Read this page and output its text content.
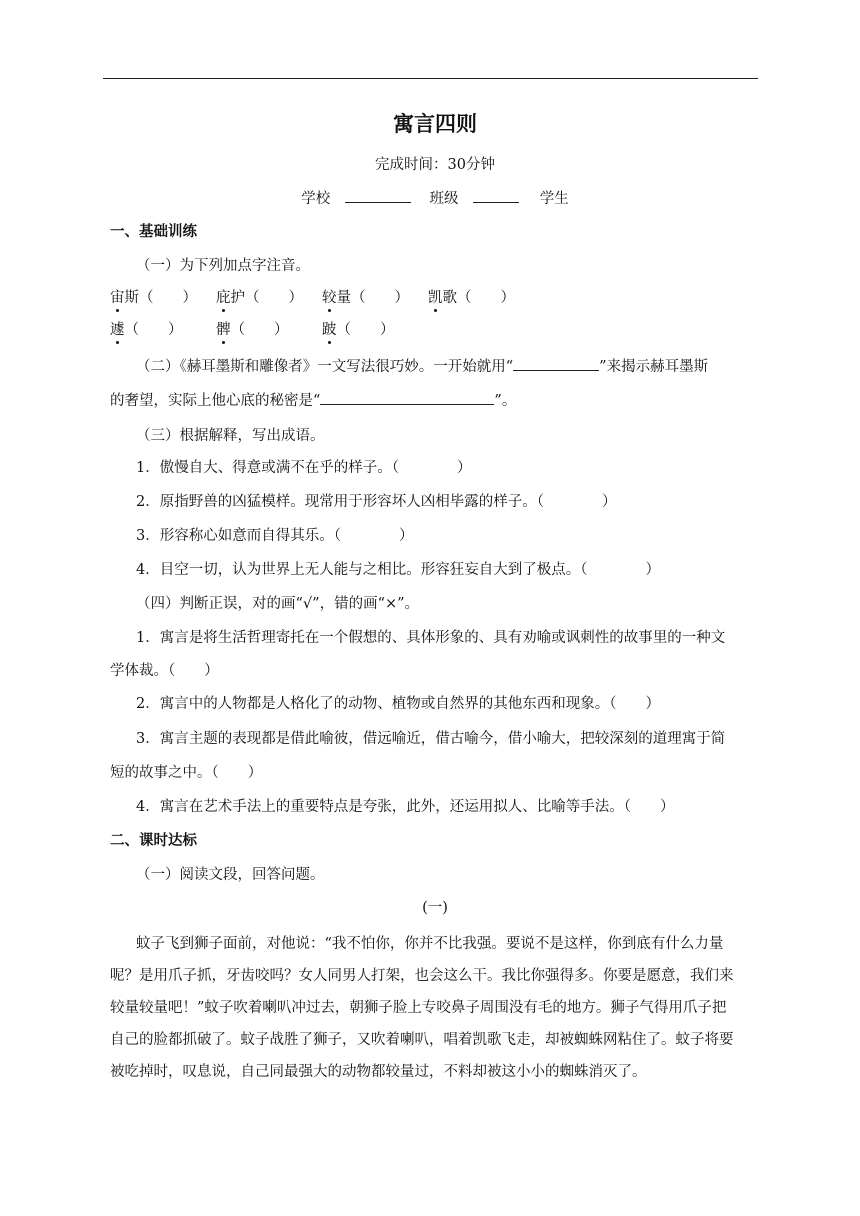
寓言四则
完成时间：30分钟
学校	班级	学生
一、基础训练
（一）为下列加点字注音。
宙斯（　　） 庇护（　　） 较量（　　） 凯歌（　　）
遽（　　） 髀（　　） 跛（　　）
（二）《赫耳墨斯和雕像者》一文写法很巧妙。一开始就用“	”来揭示赫耳墨斯
的奢望，实际上他心底的秘密是“	”。
（三）根据解释，写出成语。
1．傲慢自大、得意或满不在乎的样子。（　　　　）
2．原指野兽的凶猛模样。现常用于形容坏人凶相毕露的样子。（　　　　）
3．形容称心如意而自得其乐。（　　　　）
4．目空一切，认为世界上无人能与之相比。形容狂妄自大到了极点。（　　　　）
（四）判断正误，对的画“√”，错的画“×”。
1．寓言是将生活哲理寄托在一个假想的、具体形象的、具有劝喻或讽刺性的故事里的一种文
学体裁。（　　）
2．寓言中的人物都是人格化了的动物、植物或自然界的其他东西和现象。（　　）
3．寓言主题的表现都是借此喻彼，借远喻近，借古喻今，借小喻大，把较深刻的道理寓于简
短的故事之中。（　　）
4．寓言在艺术手法上的重要特点是夸张，此外，还运用拟人、比喻等手法。（　　）
二、课时达标
（一）阅读文段，回答问题。
(一)
蚊子飞到狮子面前，对他说：“我不怕你，你并不比我强。要说不是这样，你到底有什么力量
呢？是用爪子抓，牙齿咬吗？女人同男人打架，也会这么干。我比你强得多。你要是愿意，我们来
较量较量吧！”蚊子吹着喇叭冲过去，朝狮子脸上专咬鼻子周围没有毛的地方。狮子气得用爪子把
自己的脸都抓破了。蚊子战胜了狮子，又吹着喇叭，唱着凯歌飞走，却被蜘蛛网粘住了。蚊子将要
被吃掉时，叹息说，自己同最强大的动物都较量过，不料却被这小小的蜘蛛消灭了。
